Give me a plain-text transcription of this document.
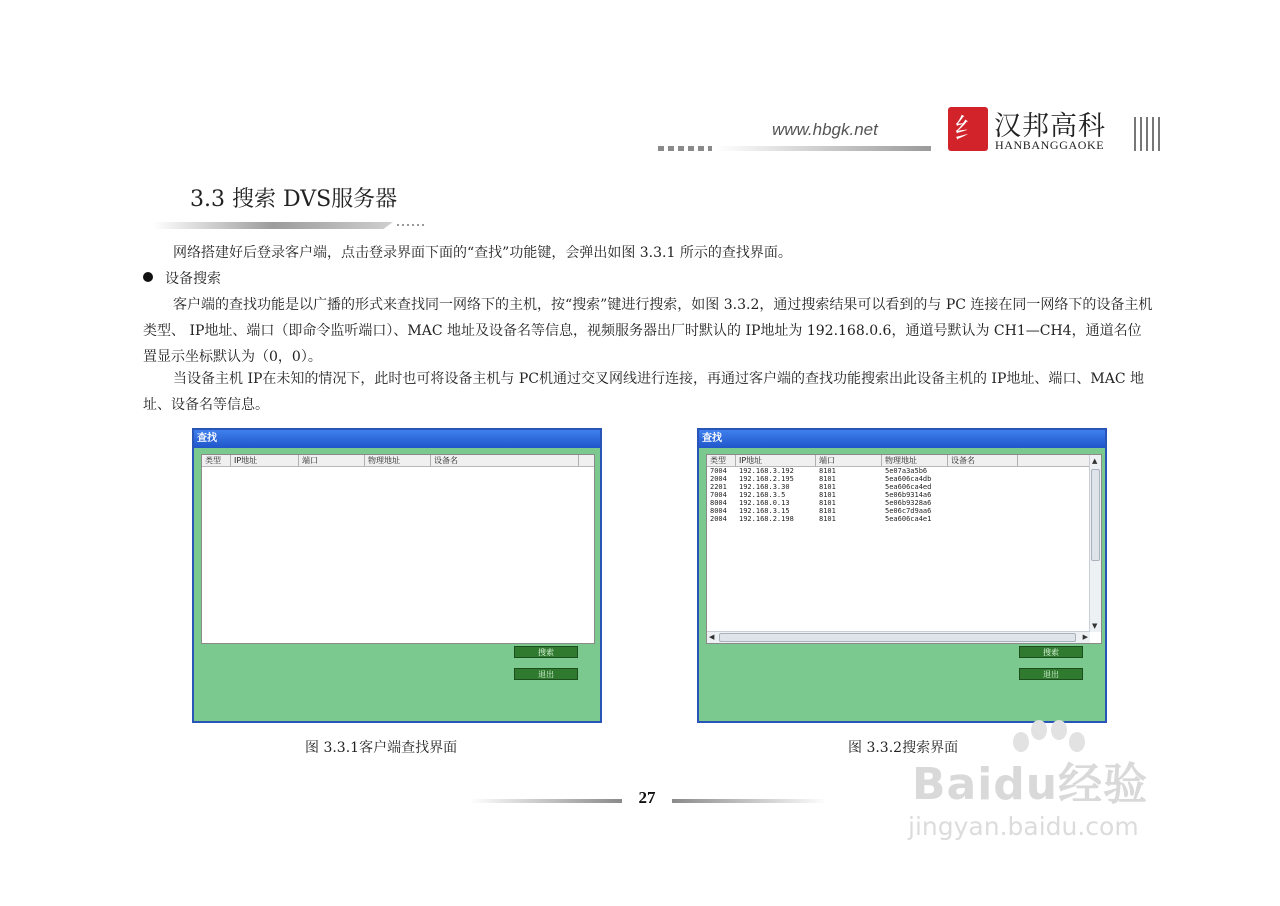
www.hbgk.net	纟 汉邦高科
HANBANGGAOKE
3.3 搜索 DVS服务器
网络搭建好后登录客户端，点击登录界面下面的“查找”功能键，会弹出如图 3.3.1 所示的查找界面。
设备搜索
客户端的查找功能是以广播的形式来查找同一网络下的主机，按“搜索”键进行搜索，如图 3.3.2，通过搜索结果可以看到的与 PC 连接在同一网络下的设备主机类型、 IP地址、端口（即命令监听端口）、MAC 地址及设备名等信息，视频服务器出厂时默认的 IP地址为 192.168.0.6，通道号默认为 CH1—CH4，通道名位置显示坐标默认为（0，0）。
当设备主机 IP在未知的情况下，此时也可将设备主机与 PC机通过交叉网线进行连接，再通过客户端的查找功能搜索出此设备主机的 IP地址、端口、MAC 地址、设备名等信息。
查找
类型	IP地址	端口	物理地址	设备名
搜索
退出
图 3.3.1客户端查找界面
查找
类型	IP地址	端口	物理地址	设备名
7004	192.168.3.192	8101	5e07a3a5b6
2004	192.168.2.195	8101	5ea606ca4db
2201	192.168.3.30	8101	5ea606ca4ed
7004	192.168.3.5	8101	5e06b9314a6
8004	192.168.0.13	8101	5e06b9328a6
8004	192.168.3.15	8101	5e06c7d9aa6
2004	192.168.2.198	8101	5ea606ca4e1
▲
▼
◀	▶
搜索
退出
图 3.3.2搜索界面
27	Baidu经验
jingyan.baidu.com
